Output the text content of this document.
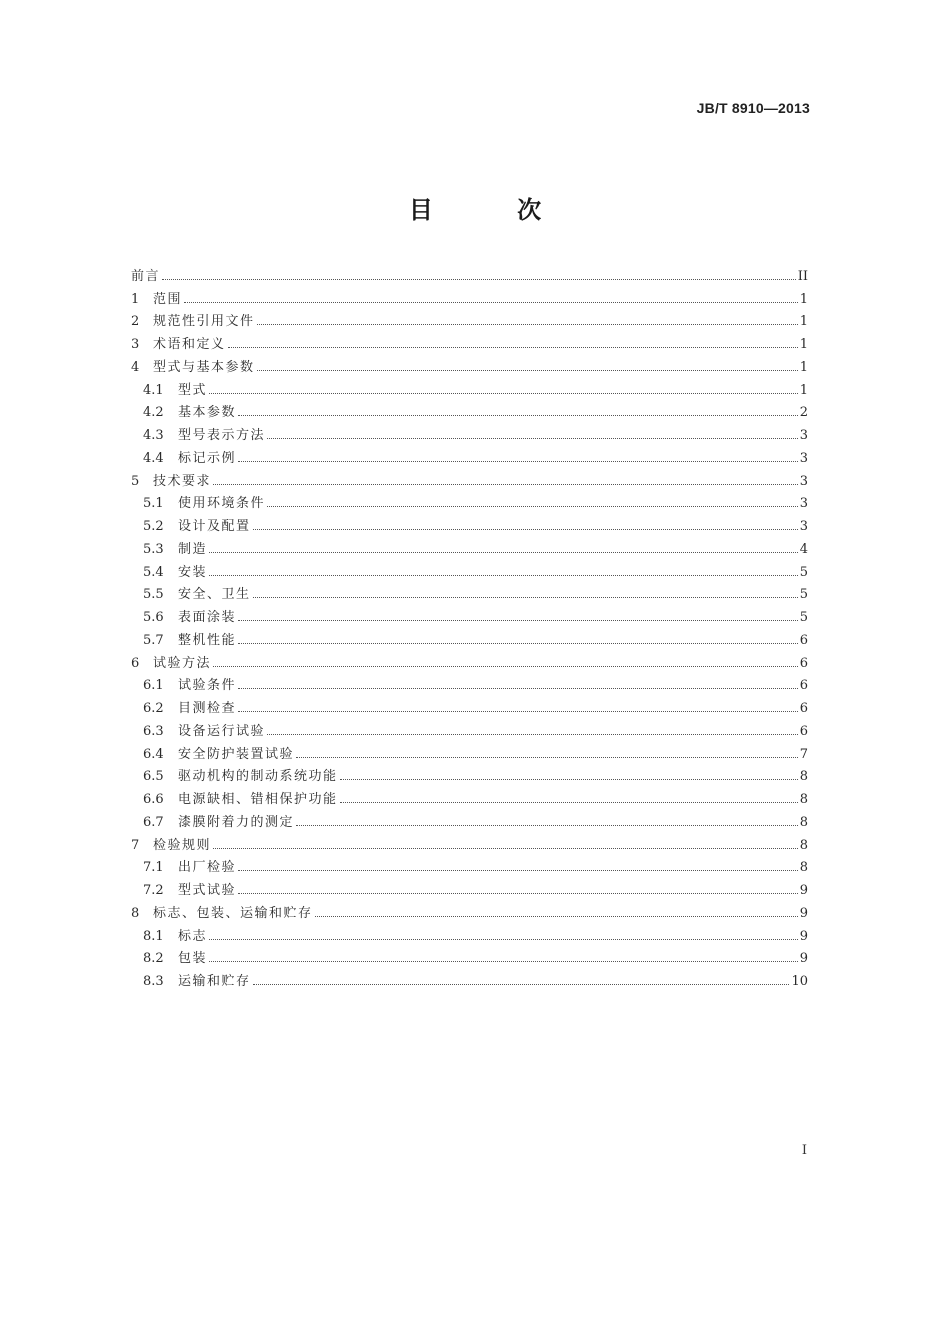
JB/T 8910—2013
目 次
前言	II
1	范围	1
2	规范性引用文件	1
3	术语和定义	1
4	型式与基本参数	1
4.1	型式	1
4.2	基本参数	2
4.3	型号表示方法	3
4.4	标记示例	3
5	技术要求	3
5.1	使用环境条件	3
5.2	设计及配置	3
5.3	制造	4
5.4	安装	5
5.5	安全、卫生	5
5.6	表面涂装	5
5.7	整机性能	6
6	试验方法	6
6.1	试验条件	6
6.2	目测检查	6
6.3	设备运行试验	6
6.4	安全防护装置试验	7
6.5	驱动机构的制动系统功能	8
6.6	电源缺相、错相保护功能	8
6.7	漆膜附着力的测定	8
7	检验规则	8
7.1	出厂检验	8
7.2	型式试验	9
8	标志、包装、运输和贮存	9
8.1	标志	9
8.2	包装	9
8.3	运输和贮存	10
I
